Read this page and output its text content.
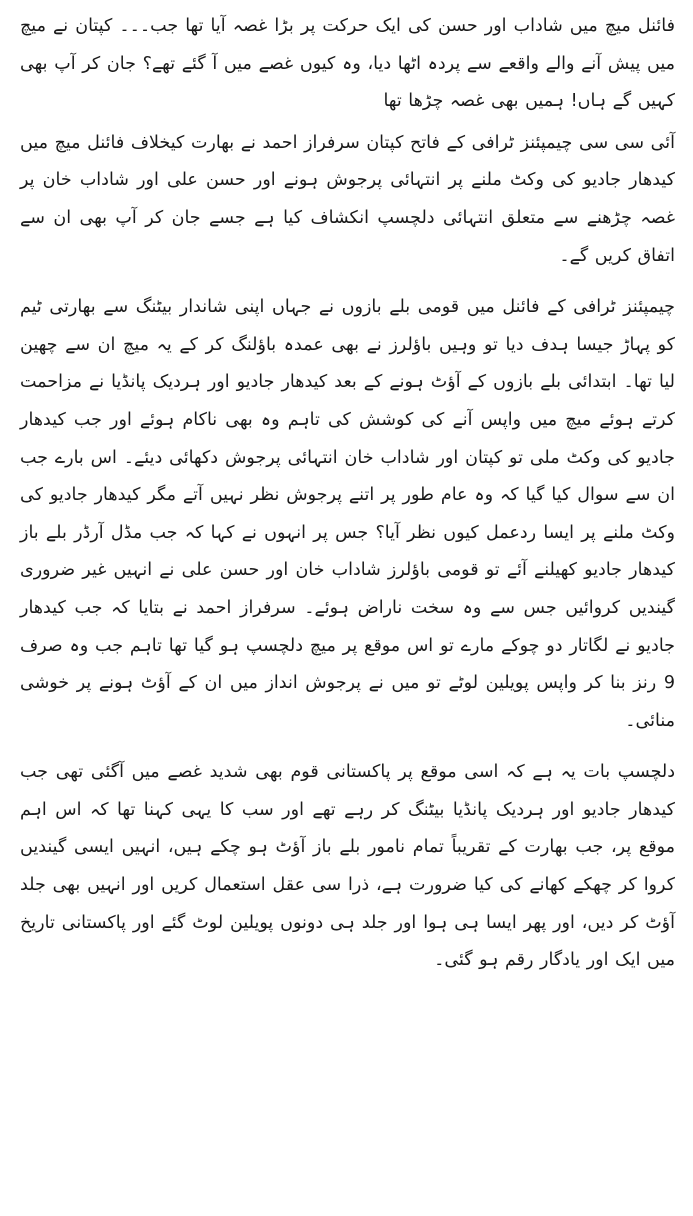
فائنل میچ میں شاداب اور حسن کی ایک حرکت پر بڑا غصہ آیا تھا جب۔۔۔ کپتان نے میچ میں پیش آنے والے واقعے سے پردہ اٹھا دیا، وہ کیوں غصے میں آ گئے تھے؟ جان کر آپ بھی کہیں گے ہاں! ہمیں بھی غصہ چڑھا تھا

آئی سی سی چیمپئنز ٹرافی کے فاتح کپتان سرفراز احمد نے بھارت کیخلاف فائنل میچ میں کیدھار جادیو کی وکٹ ملنے پر انتہائی پرجوش ہونے اور حسن علی اور شاداب خان پر غصہ چڑھنے سے متعلق انتہائی دلچسپ انکشاف کیا ہے جسے جان کر آپ بھی ان سے اتفاق کریں گے۔

چیمپئنز ٹرافی کے فائنل میں قومی بلے بازوں نے جہاں اپنی شاندار بیٹنگ سے بھارتی ٹیم کو پہاڑ جیسا ہدف دیا تو وہیں باؤلرز نے بھی عمدہ باؤلنگ کر کے یہ میچ ان سے چھین لیا تھا۔ ابتدائی بلے بازوں کے آؤٹ ہونے کے بعد کیدھار جادیو اور ہردیک پانڈیا نے مزاحمت کرتے ہوئے میچ میں واپس آنے کی کوشش کی تاہم وہ بھی ناکام ہوئے اور جب کیدھار جادیو کی وکٹ ملی تو کپتان اور شاداب خان انتہائی پرجوش دکھائی دیئے۔ اس بارے جب ان سے سوال کیا گیا کہ وہ عام طور پر اتنے پرجوش نظر نہیں آتے مگر کیدھار جادیو کی وکٹ ملنے پر ایسا ردعمل کیوں نظر آیا؟ جس پر انہوں نے کہا کہ جب مڈل آرڈر بلے باز کیدھار جادیو کھیلنے آئے تو قومی باؤلرز شاداب خان اور حسن علی نے انہیں غیر ضروری گیندیں کروائیں جس سے وہ سخت ناراض ہوئے۔ سرفراز احمد نے بتایا کہ جب کیدھار جادیو نے لگاتار دو چوکے مارے تو اس موقع پر میچ دلچسپ ہو گیا تھا تاہم جب وہ صرف 9 رنز بنا کر واپس پویلین لوٹے تو میں نے پرجوش انداز میں ان کے آؤٹ ہونے پر خوشی منائی۔

دلچسپ بات یہ ہے کہ اسی موقع پر پاکستانی قوم بھی شدید غصے میں آگئی تھی جب کیدھار جادیو اور ہردیک پانڈیا بیٹنگ کر رہے تھے اور سب کا یہی کہنا تھا کہ اس اہم موقع پر، جب بھارت کے تقریباً تمام نامور بلے باز آؤٹ ہو چکے ہیں، انہیں ایسی گیندیں کروا کر چھکے کھانے کی کیا ضرورت ہے، ذرا سی عقل استعمال کریں اور انہیں بھی جلد آؤٹ کر دیں، اور پھر ایسا ہی ہوا اور جلد ہی دونوں پویلین لوٹ گئے اور پاکستانی تاریخ میں ایک اور یادگار رقم ہو گئی۔
